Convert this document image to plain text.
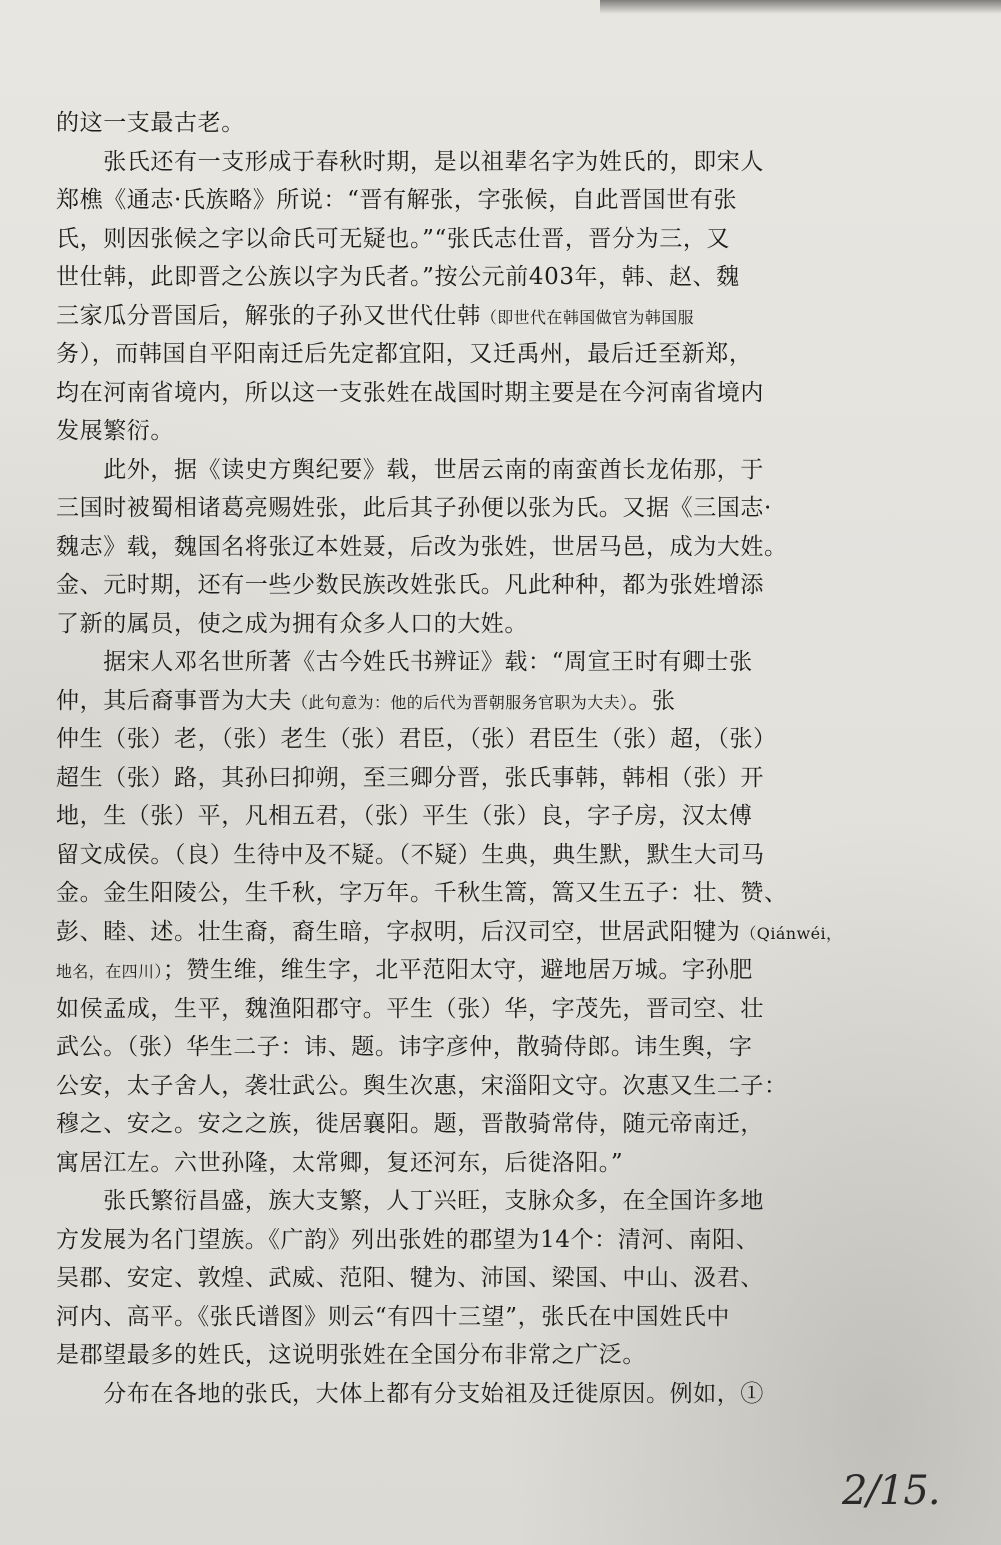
的这一支最古老。
　　张氏还有一支形成于春秋时期，是以祖辈名字为姓氏的，即宋人
郑樵《通志·氏族略》所说：“晋有解张，字张候，自此晋国世有张
氏，则因张候之字以命氏可无疑也。”“张氏志仕晋，晋分为三，又
世仕韩，此即晋之公族以字为氏者。”按公元前403年，韩、赵、魏
三家瓜分晋国后，解张的子孙又世代仕韩（即世代在韩国做官为韩国服
务），而韩国自平阳南迁后先定都宜阳，又迁禹州，最后迁至新郑，
均在河南省境内，所以这一支张姓在战国时期主要是在今河南省境内
发展繁衍。
　　此外，据《读史方舆纪要》载，世居云南的南蛮酋长龙佑那，于
三国时被蜀相诸葛亮赐姓张，此后其子孙便以张为氏。又据《三国志·
魏志》载，魏国名将张辽本姓聂，后改为张姓，世居马邑，成为大姓。
金、元时期，还有一些少数民族改姓张氏。凡此种种，都为张姓增添
了新的属员，使之成为拥有众多人口的大姓。
　　据宋人邓名世所著《古今姓氏书辨证》载：“周宣王时有卿士张
仲，其后裔事晋为大夫（此句意为：他的后代为晋朝服务官职为大夫）。张
仲生（张）老，（张）老生（张）君臣，（张）君臣生（张）超，（张）
超生（张）路，其孙曰抑朔，至三卿分晋，张氏事韩，韩相（张）开
地，生（张）平，凡相五君，（张）平生（张）良，字子房，汉太傅
留文成侯。（良）生待中及不疑。（不疑）生典，典生默，默生大司马
金。金生阳陵公，生千秋，字万年。千秋生篙，篙又生五子：壮、赞、
彭、睦、述。壮生裔，裔生暗，字叔明，后汉司空，世居武阳犍为（Qiánwéi，
地名，在四川）；赞生维，维生字，北平范阳太守，避地居万城。字孙肥
如侯孟成，生平，魏渔阳郡守。平生（张）华，字茂先，晋司空、壮
武公。（张）华生二子：讳、题。讳字彦仲，散骑侍郎。讳生舆，字
公安，太子舍人，袭壮武公。舆生次惠，宋淄阳文守。次惠又生二子：
穆之、安之。安之之族，徙居襄阳。题，晋散骑常侍，随元帝南迁，
寓居江左。六世孙隆，太常卿，复还河东，后徙洛阳。”
　　张氏繁衍昌盛，族大支繁，人丁兴旺，支脉众多，在全国许多地
方发展为名门望族。《广韵》列出张姓的郡望为14个：清河、南阳、
吴郡、安定、敦煌、武威、范阳、犍为、沛国、梁国、中山、汲君、
河内、高平。《张氏谱图》则云“有四十三望”，张氏在中国姓氏中
是郡望最多的姓氏，这说明张姓在全国分布非常之广泛。
　　分布在各地的张氏，大体上都有分支始祖及迁徙原因。例如，①
2/15.
